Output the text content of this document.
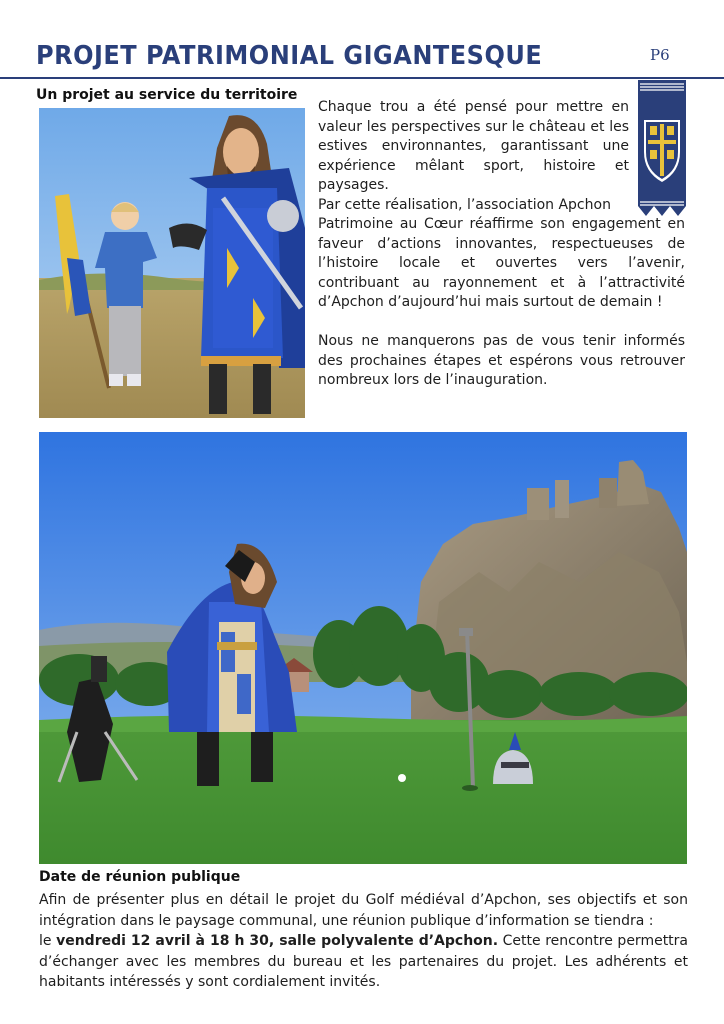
PROJET PATRIMONIAL GIGANTESQUE	P6
Un projet au service du territoire

Chaque trou a été pensé pour mettre en valeur les perspectives sur le château et les estives environnantes, garantissant une expérience mêlant sport, histoire et paysages.

Par cette réalisation, l’association Apchon

Patrimoine au Cœur réaffirme son engagement en faveur d’actions innovantes, respectueuses de l’histoire locale et ouvertes vers l’avenir, contribuant au rayonnement et à l’attractivité d’Apchon d’aujourd’hui mais surtout de demain !

Nous ne manquerons pas de vous tenir informés des prochaines étapes et espérons vous retrouver nombreux lors de l’inauguration.

Date de réunion publique

Afin de présenter plus en détail le projet du Golf médiéval d’Apchon, ses objectifs et son intégration dans le paysage communal, une réunion publique d’information se tiendra :

le vendredi 12 avril à 18 h 30, salle polyvalente d’Apchon. Cette rencontre permettra d’échanger avec les membres du bureau et les partenaires du projet. Les adhérents et habitants intéressés y sont cordialement invités.
